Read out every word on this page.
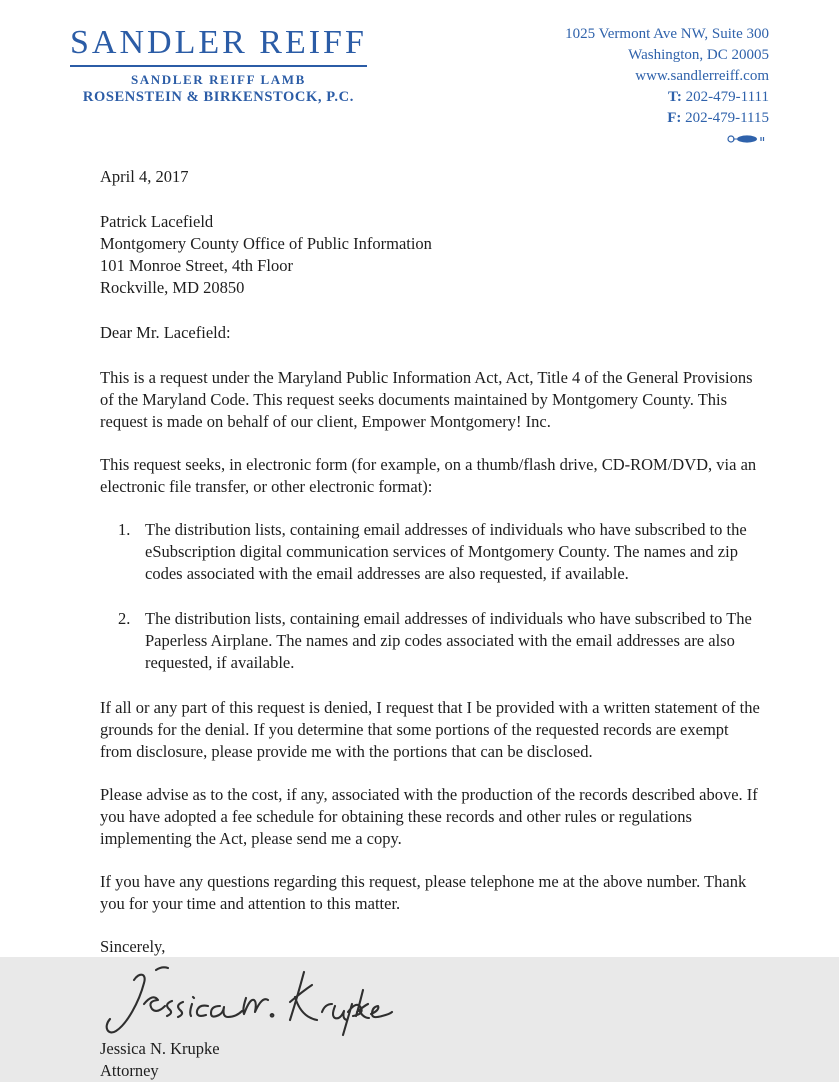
SANDLER REIFF
SANDLER REIFF LAMB
ROSENSTEIN & BIRKENSTOCK, P.C.
1025 Vermont Ave NW, Suite 300
Washington, DC 20005
www.sandlerreiff.com
T: 202-479-1111
F: 202-479-1115
April 4, 2017
Patrick Lacefield
Montgomery County Office of Public Information
101 Monroe Street, 4th Floor
Rockville, MD 20850
Dear Mr. Lacefield:
This is a request under the Maryland Public Information Act, Act, Title 4 of the General Provisions of the Maryland Code. This request seeks documents maintained by Montgomery County. This request is made on behalf of our client, Empower Montgomery! Inc.
This request seeks, in electronic form (for example, on a thumb/flash drive, CD-ROM/DVD, via an electronic file transfer, or other electronic format):
1. The distribution lists, containing email addresses of individuals who have subscribed to the eSubscription digital communication services of Montgomery County. The names and zip codes associated with the email addresses are also requested, if available.
2. The distribution lists, containing email addresses of individuals who have subscribed to The Paperless Airplane. The names and zip codes associated with the email addresses are also requested, if available.
If all or any part of this request is denied, I request that I be provided with a written statement of the grounds for the denial. If you determine that some portions of the requested records are exempt from disclosure, please provide me with the portions that can be disclosed.
Please advise as to the cost, if any, associated with the production of the records described above. If you have adopted a fee schedule for obtaining these records and other rules or regulations implementing the Act, please send me a copy.
If you have any questions regarding this request, please telephone me at the above number. Thank you for your time and attention to this matter.
Sincerely,
Jessica N. Krupke
Attorney
